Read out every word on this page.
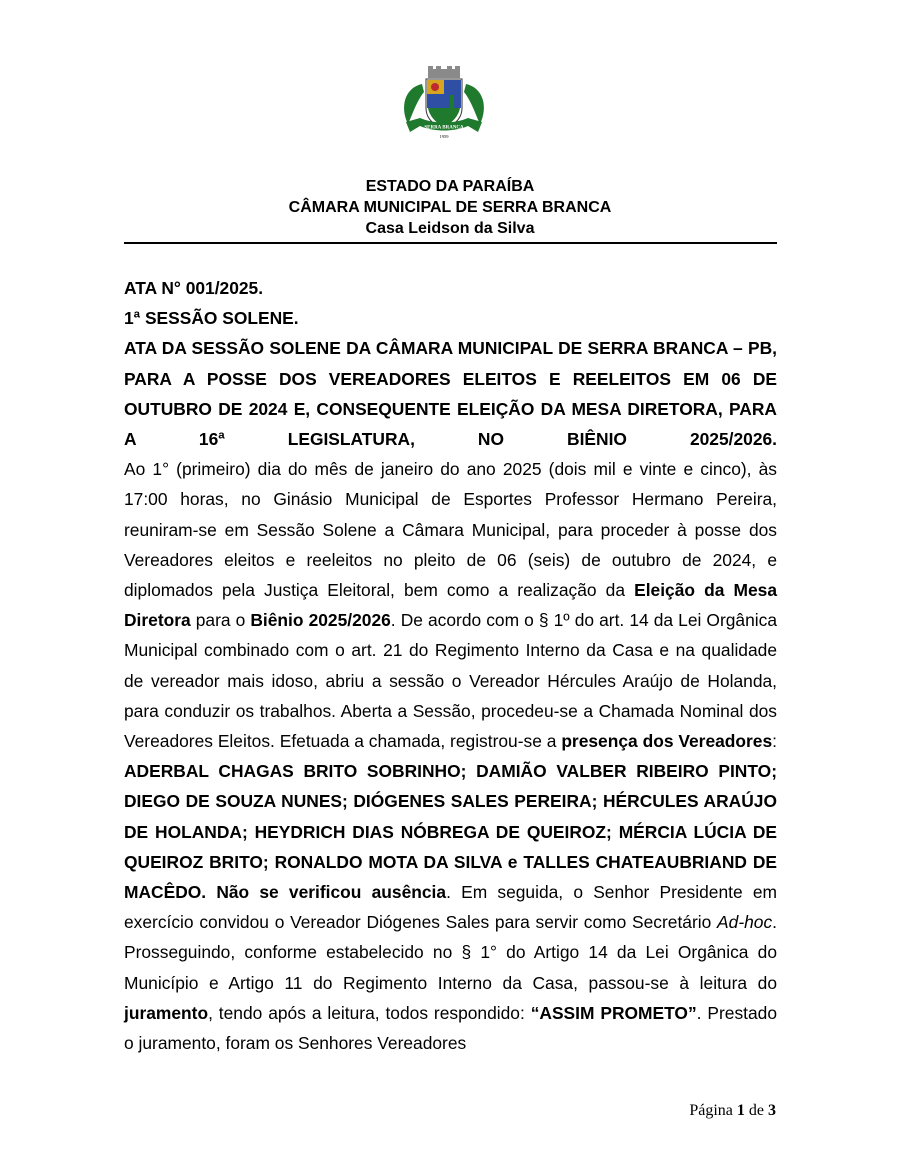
SERRA BRANCA
1959
ESTADO DA PARAÍBA
CÂMARA MUNICIPAL DE SERRA BRANCA
Casa Leidson da Silva

ATA N° 001/2025.

1ª SESSÃO SOLENE.

ATA DA SESSÃO SOLENE DA CÂMARA MUNICIPAL DE SERRA BRANCA – PB, PARA A POSSE DOS VEREADORES ELEITOS E REELEITOS EM 06 DE OUTUBRO DE 2024 E, CONSEQUENTE ELEIÇÃO DA MESA DIRETORA, PARA A 16ª LEGISLATURA, NO BIÊNIO 2025/2026.

Ao 1° (primeiro) dia do mês de janeiro do ano 2025 (dois mil e vinte e cinco), às 17:00 horas, no Ginásio Municipal de Esportes Professor Hermano Pereira, reuniram-se em Sessão Solene a Câmara Municipal, para proceder à posse dos Vereadores eleitos e reeleitos no pleito de 06 (seis) de outubro de 2024, e diplomados pela Justiça Eleitoral, bem como a realização da Eleição da Mesa Diretora para o Biênio 2025/2026. De acordo com o § 1º do art. 14 da Lei Orgânica Municipal combinado com o art. 21 do Regimento Interno da Casa e na qualidade de vereador mais idoso, abriu a sessão o Vereador Hércules Araújo de Holanda, para conduzir os trabalhos. Aberta a Sessão, procedeu-se a Chamada Nominal dos Vereadores Eleitos. Efetuada a chamada, registrou-se a presença dos Vereadores: ADERBAL CHAGAS BRITO SOBRINHO; DAMIÃO VALBER RIBEIRO PINTO; DIEGO DE SOUZA NUNES; DIÓGENES SALES PEREIRA; HÉRCULES ARAÚJO DE HOLANDA; HEYDRICH DIAS NÓBREGA DE QUEIROZ; MÉRCIA LÚCIA DE QUEIROZ BRITO; RONALDO MOTA DA SILVA e TALLES CHATEAUBRIAND DE MACÊDO. Não se verificou ausência. Em seguida, o Senhor Presidente em exercício convidou o Vereador Diógenes Sales para servir como Secretário Ad-hoc. Prosseguindo, conforme estabelecido no § 1° do Artigo 14 da Lei Orgânica do Município e Artigo 11 do Regimento Interno da Casa, passou-se à leitura do juramento, tendo após a leitura, todos respondido: “ASSIM PROMETO”. Prestado o juramento, foram os Senhores Vereadores

Página 1 de 3
